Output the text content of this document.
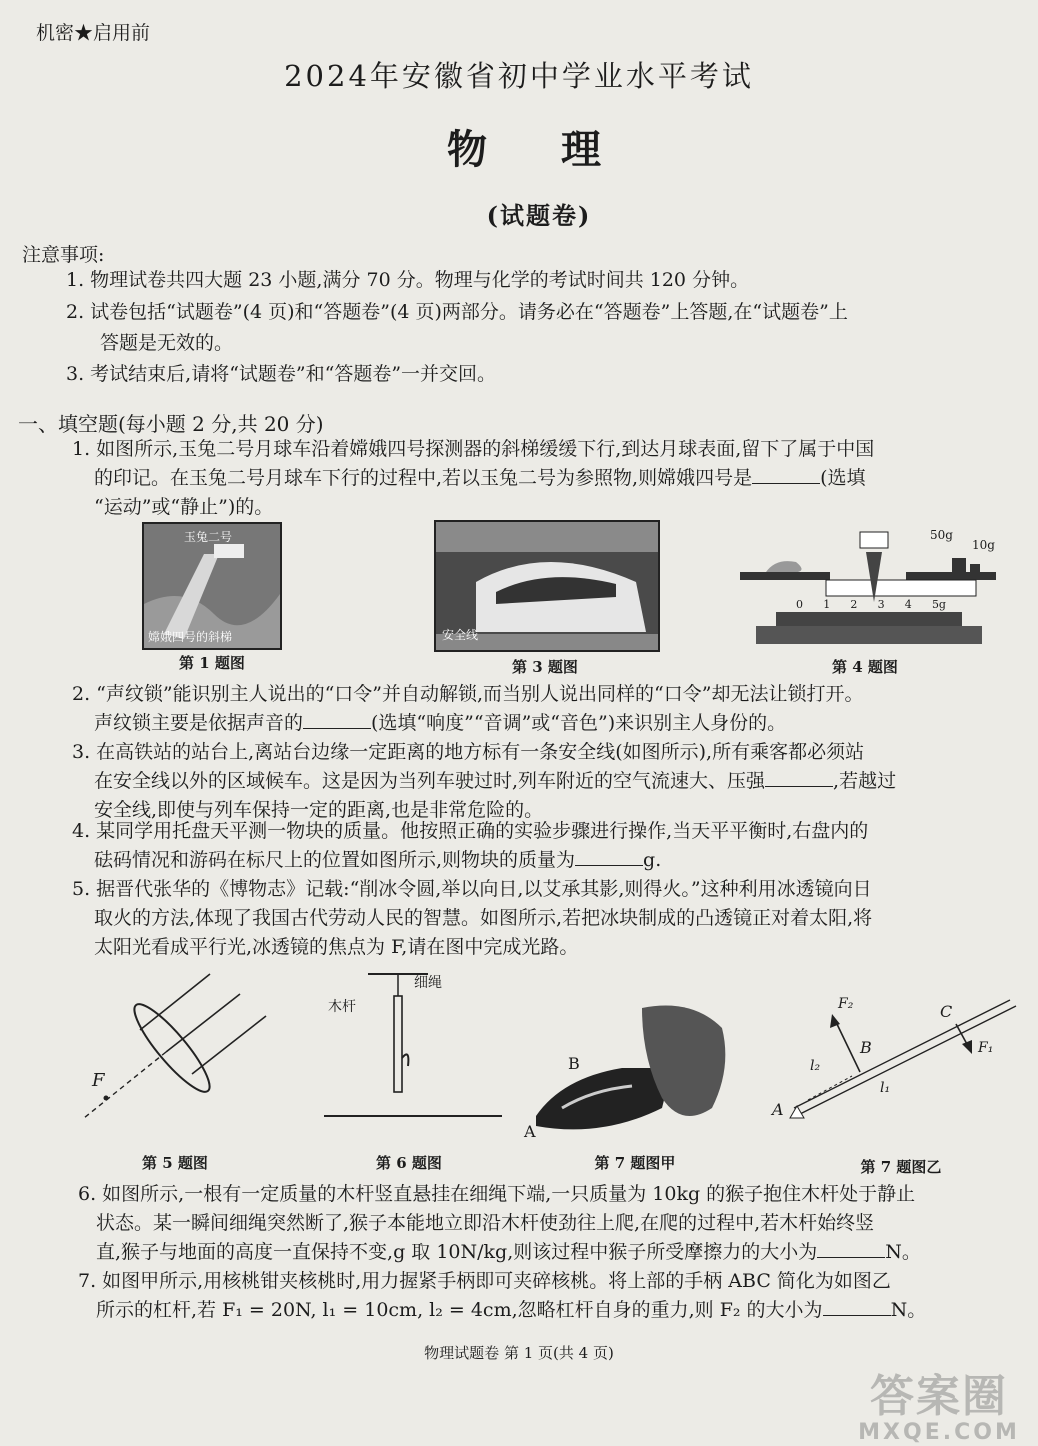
机密★启用前
2024年安徽省初中学业水平考试
物 理
(试题卷)
注意事项:
1. 物理试卷共四大题 23 小题,满分 70 分。物理与化学的考试时间共 120 分钟。
2. 试卷包括“试题卷”(4 页)和“答题卷”(4 页)两部分。请务必在“答题卷”上答题,在“试题卷”上
答题是无效的。
3. 考试结束后,请将“试题卷”和“答题卷”一并交回。
一、填空题(每小题 2 分,共 20 分)
1. 如图所示,玉兔二号月球车沿着嫦娥四号探测器的斜梯缓缓下行,到达月球表面,留下了属于中国
的印记。在玉兔二号月球车下行的过程中,若以玉兔二号为参照物,则嫦娥四号是	(选填
“运动”或“静止”)的。
玉兔二号
嫦娥四号的斜梯
第 1 题图
安全线
第 3 题图
50g
10g
0 1 2 3 4 5g
第 4 题图
2. “声纹锁”能识别主人说出的“口令”并自动解锁,而当别人说出同样的“口令”却无法让锁打开。
声纹锁主要是依据声音的	(选填“响度”“音调”或“音色”)来识别主人身份的。
3. 在高铁站的站台上,离站台边缘一定距离的地方标有一条安全线(如图所示),所有乘客都必须站
在安全线以外的区域候车。这是因为当列车驶过时,列车附近的空气流速大、压强	,若越过
安全线,即使与列车保持一定的距离,也是非常危险的。
4. 某同学用托盘天平测一物块的质量。他按照正确的实验步骤进行操作,当天平平衡时,右盘内的
砝码情况和游码在标尺上的位置如图所示,则物块的质量为	g.
5. 据晋代张华的《博物志》记载:“削冰令圆,举以向日,以艾承其影,则得火。”这种利用冰透镜向日
取火的方法,体现了我国古代劳动人民的智慧。如图所示,若把冰块制成的凸透镜正对着太阳,将
太阳光看成平行光,冰透镜的焦点为 F,请在图中完成光路。
F
第 5 题图
细绳
木杆
第 6 题图
B
A
第 7 题图甲
F₂
F₁
B
C
A
l₁
l₂
第 7 题图乙
6. 如图所示,一根有一定质量的木杆竖直悬挂在细绳下端,一只质量为 10kg 的猴子抱住木杆处于静止
状态。某一瞬间细绳突然断了,猴子本能地立即沿木杆使劲往上爬,在爬的过程中,若木杆始终竖
直,猴子与地面的高度一直保持不变,g 取 10N/kg,则该过程中猴子所受摩擦力的大小为	N。
7. 如图甲所示,用核桃钳夹核桃时,用力握紧手柄即可夹碎核桃。将上部的手柄 ABC 简化为如图乙
所示的杠杆,若 F₁ = 20N, l₁ = 10cm, l₂ = 4cm,忽略杠杆自身的重力,则 F₂ 的大小为	N。
物理试题卷 第 1 页(共 4 页)
答案圈
MXQE.COM
